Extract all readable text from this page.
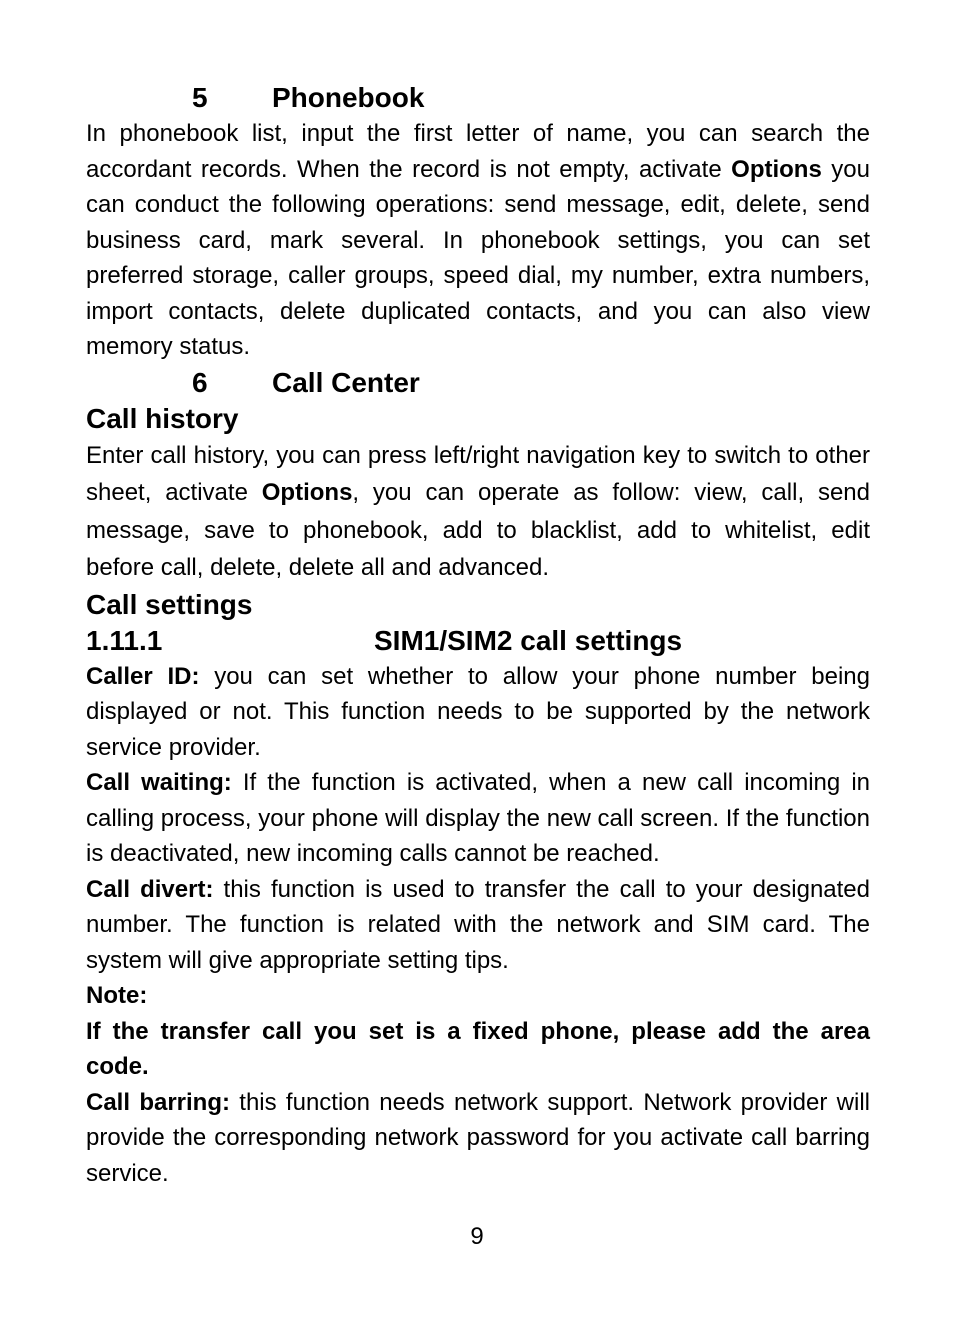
5 Phonebook

In phonebook list, input the first letter of name, you can search the accordant records. When the record is not empty, activate Options you can conduct the following operations: send message, edit, delete, send business card, mark several. In phonebook settings, you can set preferred storage, caller groups, speed dial, my number, extra numbers, import contacts, delete duplicated contacts, and you can also view memory status.

6 Call Center
Call history

Enter call history, you can press left/right navigation key to switch to other sheet, activate Options, you can operate as follow: view, call, send message, save to phonebook, add to blacklist, add to whitelist, edit before call, delete, delete all and advanced.

Call settings
1.11.1	SIM1/SIM2 call settings

Caller ID: you can set whether to allow your phone number being displayed or not. This function needs to be supported by the network service provider.

Call waiting: If the function is activated, when a new call incoming in calling process, your phone will display the new call screen. If the function is deactivated, new incoming calls cannot be reached.

Call divert: this function is used to transfer the call to your designated number. The function is related with the network and SIM card. The system will give appropriate setting tips.

Note:
If the transfer call you set is a fixed phone, please add the area code.

Call barring: this function needs network support. Network provider will provide the corresponding network password for you activate call barring service.

9
